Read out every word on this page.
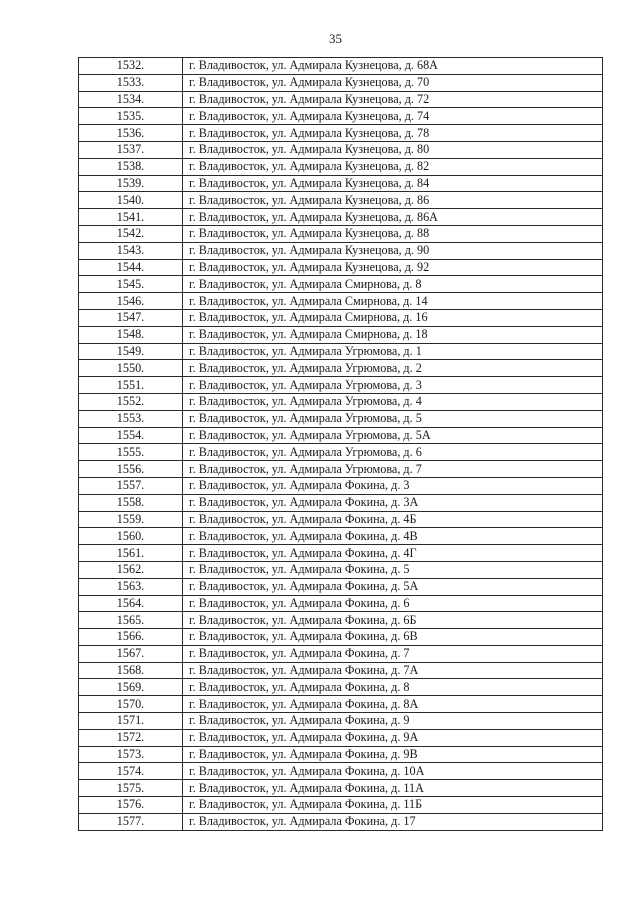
35
1532.	г. Владивосток, ул. Адмирала Кузнецова, д. 68А
1533.	г. Владивосток, ул. Адмирала Кузнецова, д. 70
1534.	г. Владивосток, ул. Адмирала Кузнецова, д. 72
1535.	г. Владивосток, ул. Адмирала Кузнецова, д. 74
1536.	г. Владивосток, ул. Адмирала Кузнецова, д. 78
1537.	г. Владивосток, ул. Адмирала Кузнецова, д. 80
1538.	г. Владивосток, ул. Адмирала Кузнецова, д. 82
1539.	г. Владивосток, ул. Адмирала Кузнецова, д. 84
1540.	г. Владивосток, ул. Адмирала Кузнецова, д. 86
1541.	г. Владивосток, ул. Адмирала Кузнецова, д. 86А
1542.	г. Владивосток, ул. Адмирала Кузнецова, д. 88
1543.	г. Владивосток, ул. Адмирала Кузнецова, д. 90
1544.	г. Владивосток, ул. Адмирала Кузнецова, д. 92
1545.	г. Владивосток, ул. Адмирала Смирнова, д. 8
1546.	г. Владивосток, ул. Адмирала Смирнова, д. 14
1547.	г. Владивосток, ул. Адмирала Смирнова, д. 16
1548.	г. Владивосток, ул. Адмирала Смирнова, д. 18
1549.	г. Владивосток, ул. Адмирала Угрюмова, д. 1
1550.	г. Владивосток, ул. Адмирала Угрюмова, д. 2
1551.	г. Владивосток, ул. Адмирала Угрюмова, д. 3
1552.	г. Владивосток, ул. Адмирала Угрюмова, д. 4
1553.	г. Владивосток, ул. Адмирала Угрюмова, д. 5
1554.	г. Владивосток, ул. Адмирала Угрюмова, д. 5А
1555.	г. Владивосток, ул. Адмирала Угрюмова, д. 6
1556.	г. Владивосток, ул. Адмирала Угрюмова, д. 7
1557.	г. Владивосток, ул. Адмирала Фокина, д. 3
1558.	г. Владивосток, ул. Адмирала Фокина, д. 3А
1559.	г. Владивосток, ул. Адмирала Фокина, д. 4Б
1560.	г. Владивосток, ул. Адмирала Фокина, д. 4В
1561.	г. Владивосток, ул. Адмирала Фокина, д. 4Г
1562.	г. Владивосток, ул. Адмирала Фокина, д. 5
1563.	г. Владивосток, ул. Адмирала Фокина, д. 5А
1564.	г. Владивосток, ул. Адмирала Фокина, д. 6
1565.	г. Владивосток, ул. Адмирала Фокина, д. 6Б
1566.	г. Владивосток, ул. Адмирала Фокина, д. 6В
1567.	г. Владивосток, ул. Адмирала Фокина, д. 7
1568.	г. Владивосток, ул. Адмирала Фокина, д. 7А
1569.	г. Владивосток, ул. Адмирала Фокина, д. 8
1570.	г. Владивосток, ул. Адмирала Фокина, д. 8А
1571.	г. Владивосток, ул. Адмирала Фокина, д. 9
1572.	г. Владивосток, ул. Адмирала Фокина, д. 9А
1573.	г. Владивосток, ул. Адмирала Фокина, д. 9В
1574.	г. Владивосток, ул. Адмирала Фокина, д. 10А
1575.	г. Владивосток, ул. Адмирала Фокина, д. 11А
1576.	г. Владивосток, ул. Адмирала Фокина, д. 11Б
1577.	г. Владивосток, ул. Адмирала Фокина, д. 17
